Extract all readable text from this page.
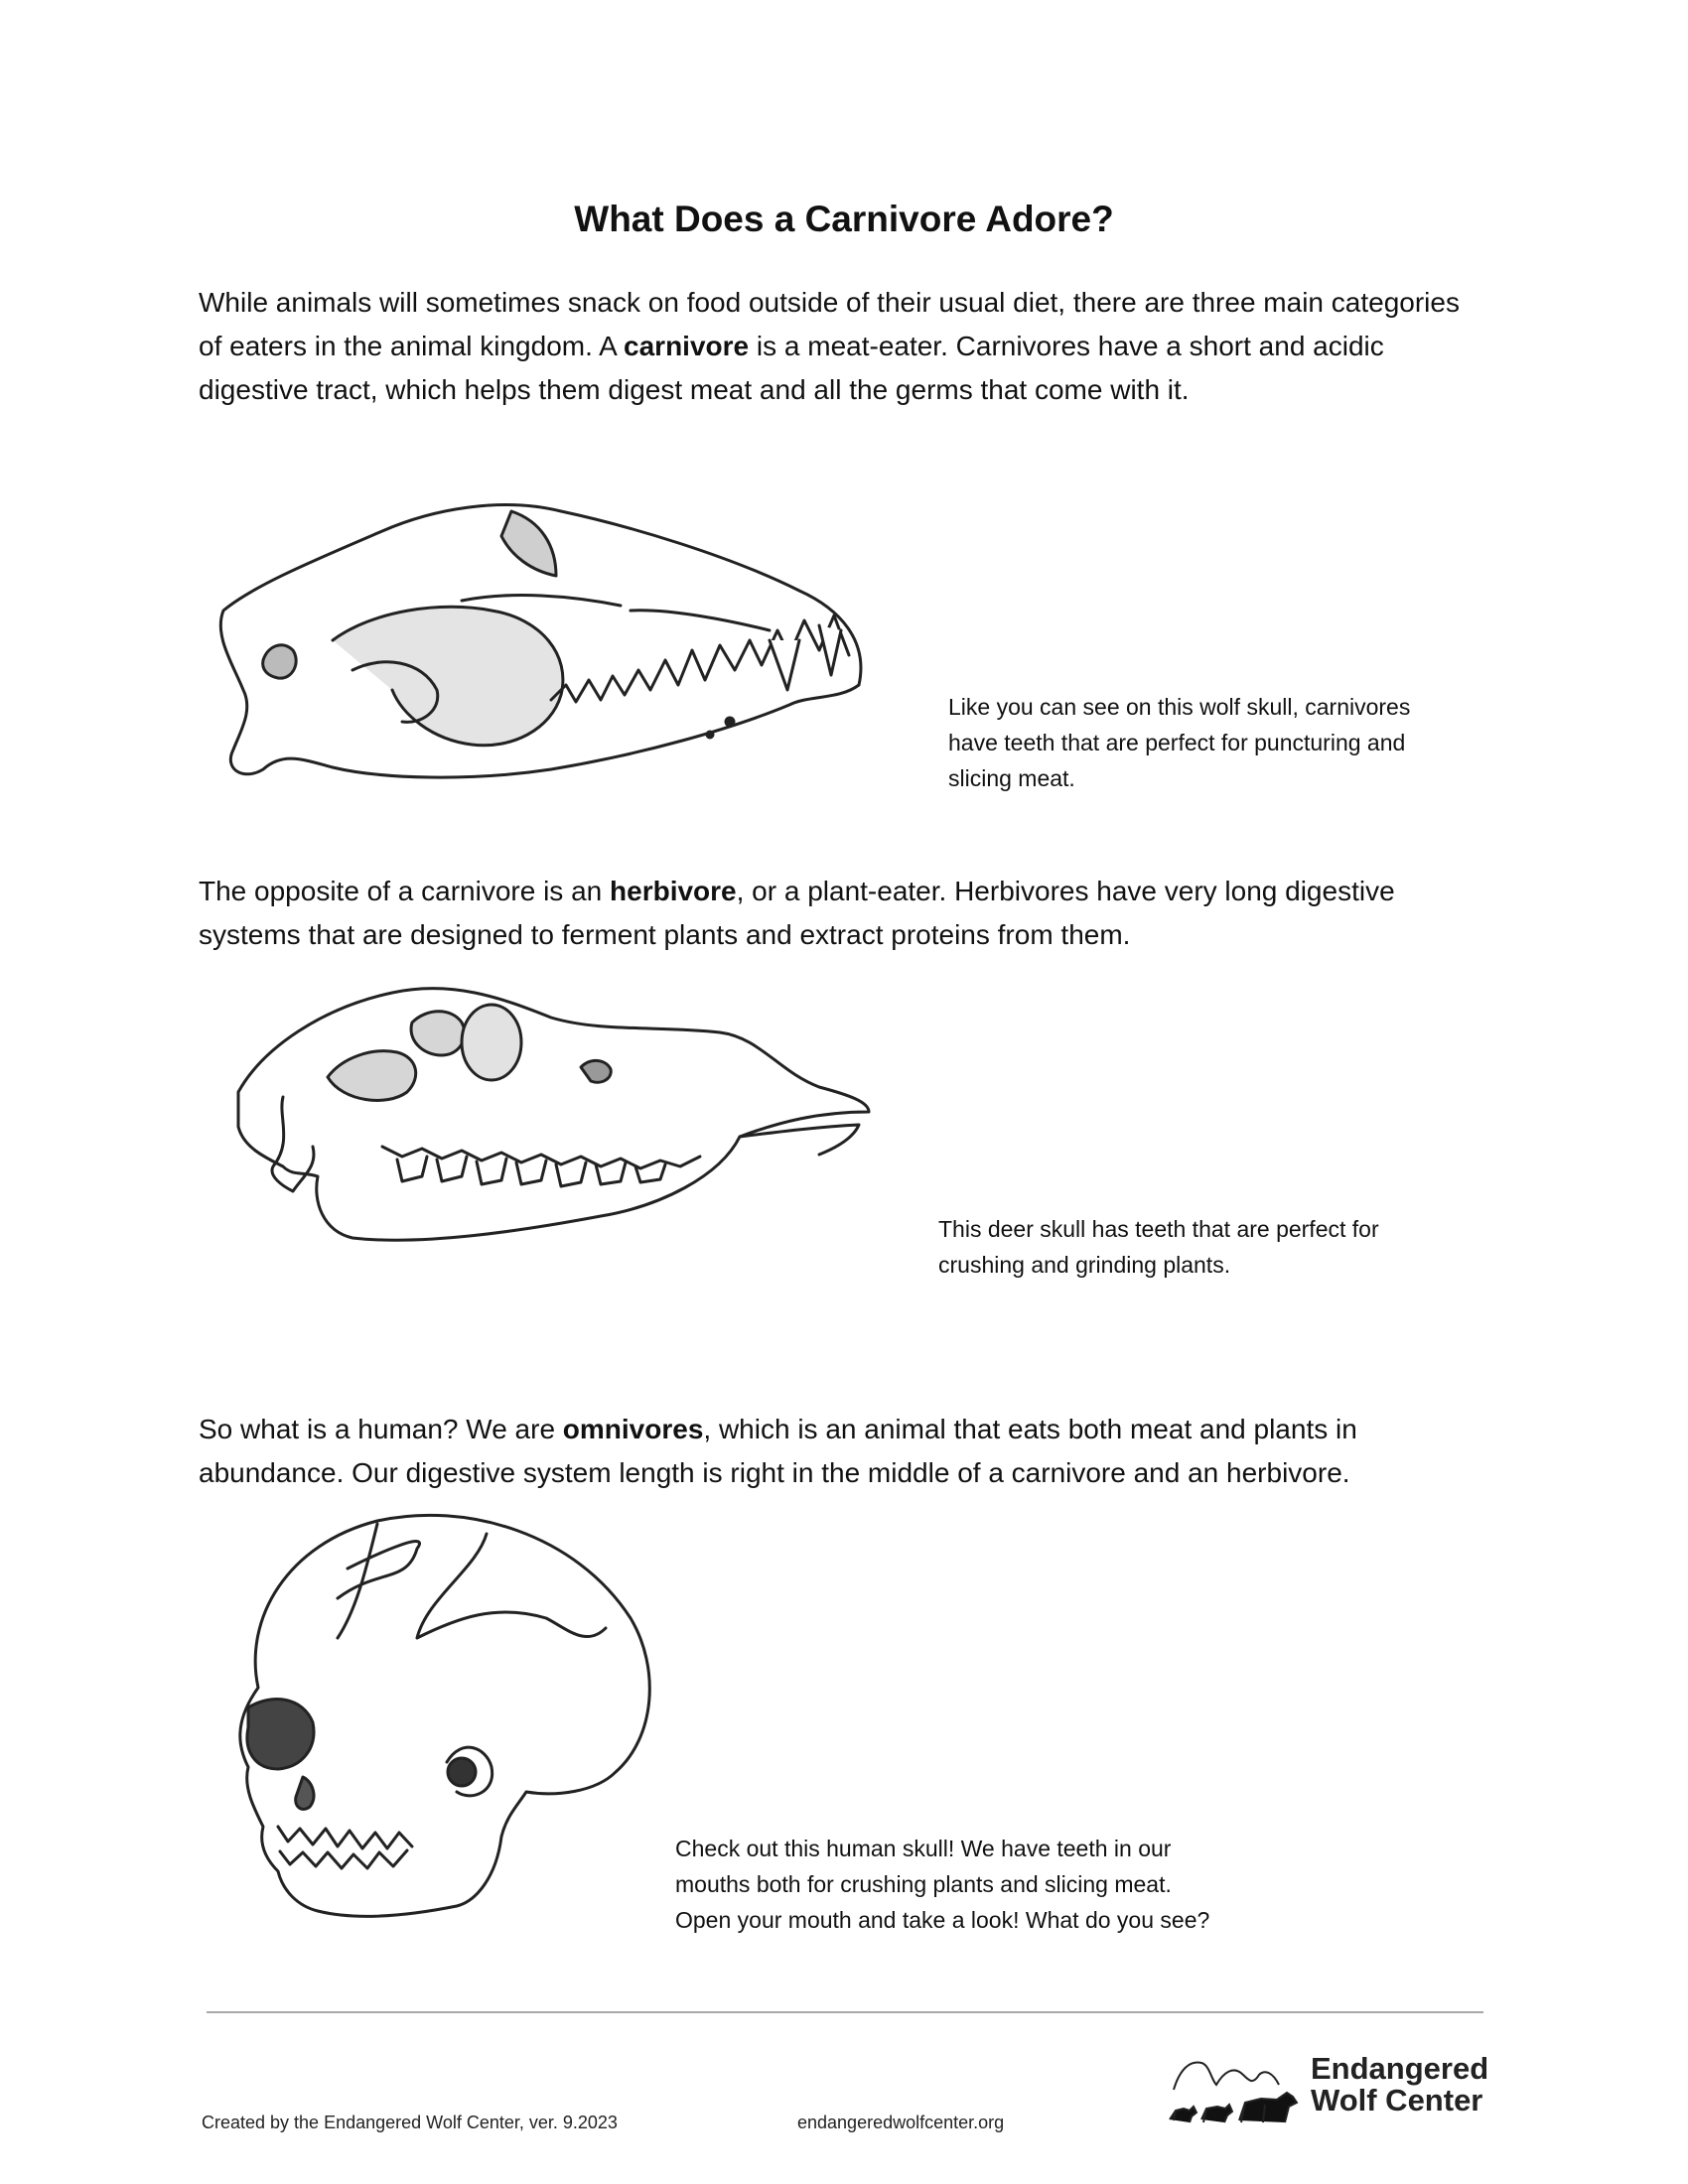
What Does a Carnivore Adore?

While animals will sometimes snack on food outside of their usual diet, there are three main categories of eaters in the animal kingdom. A carnivore is a meat-eater. Carnivores have a short and acidic digestive tract, which helps them digest meat and all the germs that come with it.

Like you can see on this wolf skull, carnivores
have teeth that are perfect for puncturing and
slicing meat.

The opposite of a carnivore is an herbivore, or a plant-eater. Herbivores have very long digestive systems that are designed to ferment plants and extract proteins from them.

This deer skull has teeth that are perfect for
crushing and grinding plants.

So what is a human? We are omnivores, which is an animal that eats both meat and plants in abundance. Our digestive system length is right in the middle of a carnivore and an herbivore.

Check out this human skull! We have teeth in our
mouths both for crushing plants and slicing meat.
Open your mouth and take a look! What do you see?

Created by the Endangered Wolf Center, ver. 9.2023	endangeredwolfcenter.org
Endangered
Wolf Center
